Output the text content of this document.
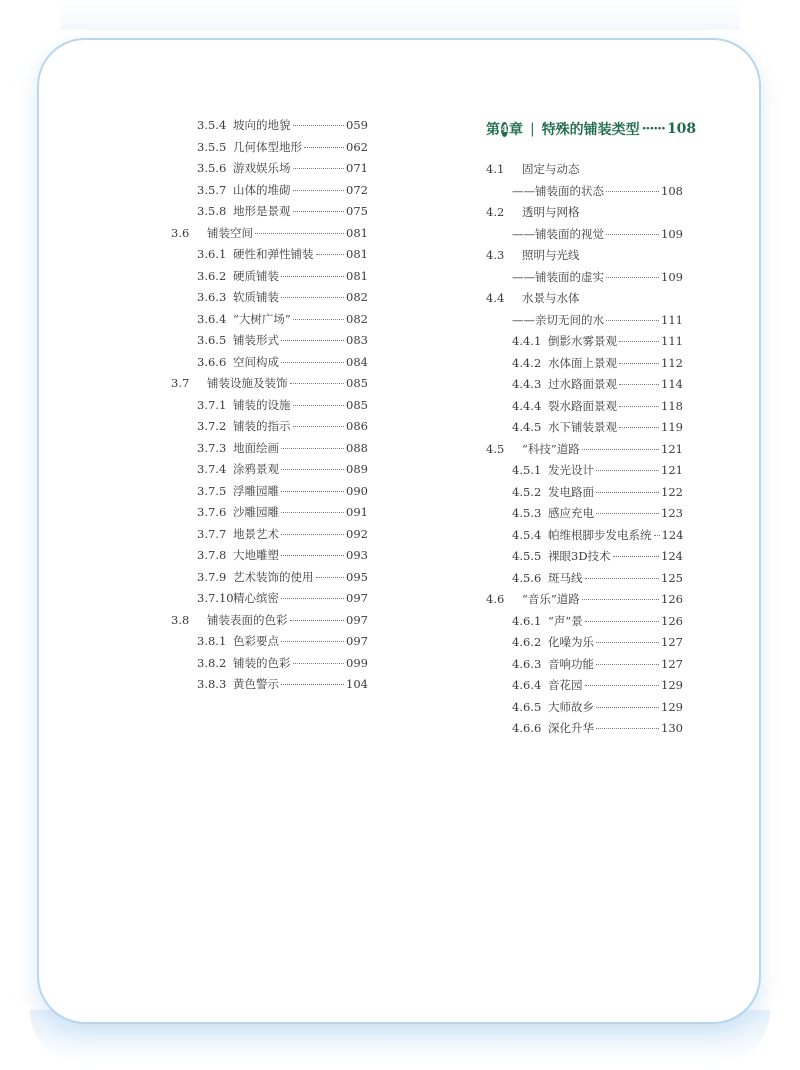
3.5.4 坡向的地貌	059
3.5.5 几何体型地形	062
3.5.6 游戏娱乐场	071
3.5.7 山体的堆砌	072
3.5.8 地形是景观	075
3.6	铺装空间	081
3.6.1 硬性和弹性铺装	081
3.6.2 硬质铺装	081
3.6.3 软质铺装	082
3.6.4 “大树广场”	082
3.6.5 铺装形式	083
3.6.6 空间构成	084
3.7	铺装设施及装饰	085
3.7.1 铺装的设施	085
3.7.2 铺装的指示	086
3.7.3 地面绘画	088
3.7.4 涂鸦景观	089
3.7.5 浮雕园雕	090
3.7.6 沙雕园雕	091
3.7.7 地景艺术	092
3.7.8 大地雕塑	093
3.7.9 艺术装饰的使用	095
3.7.10 精心缤密	097
3.8	铺装表面的色彩	097
3.8.1 色彩要点	097
3.8.2 铺装的色彩	099
3.8.3 黄色警示	104
第 4 章 | 特殊的铺装类型 ······ 108
4.1	固定与动态
——铺装面的状态	108
4.2	透明与网格
——铺装面的视觉	109
4.3	照明与光线
——铺装面的虚实	109
4.4	水景与水体
——亲切无间的水	111
4.4.1 倒影水雾景观	111
4.4.2 水体面上景观	112
4.4.3 过水路面景观	114
4.4.4 裂水路面景观	118
4.4.5 水下铺装景观	119
4.5	“科技”道路	121
4.5.1 发光设计	121
4.5.2 发电路面	122
4.5.3 感应充电	123
4.5.4 帕维根脚步发电系统 124
4.5.5 裸眼3D技术	124
4.5.6 斑马线	125
4.6	“音乐”道路	126
4.6.1 “声”景	126
4.6.2 化噪为乐	127
4.6.3 音响功能	127
4.6.4 音花园	129
4.6.5 大师故乡	129
4.6.6 深化升华	130
